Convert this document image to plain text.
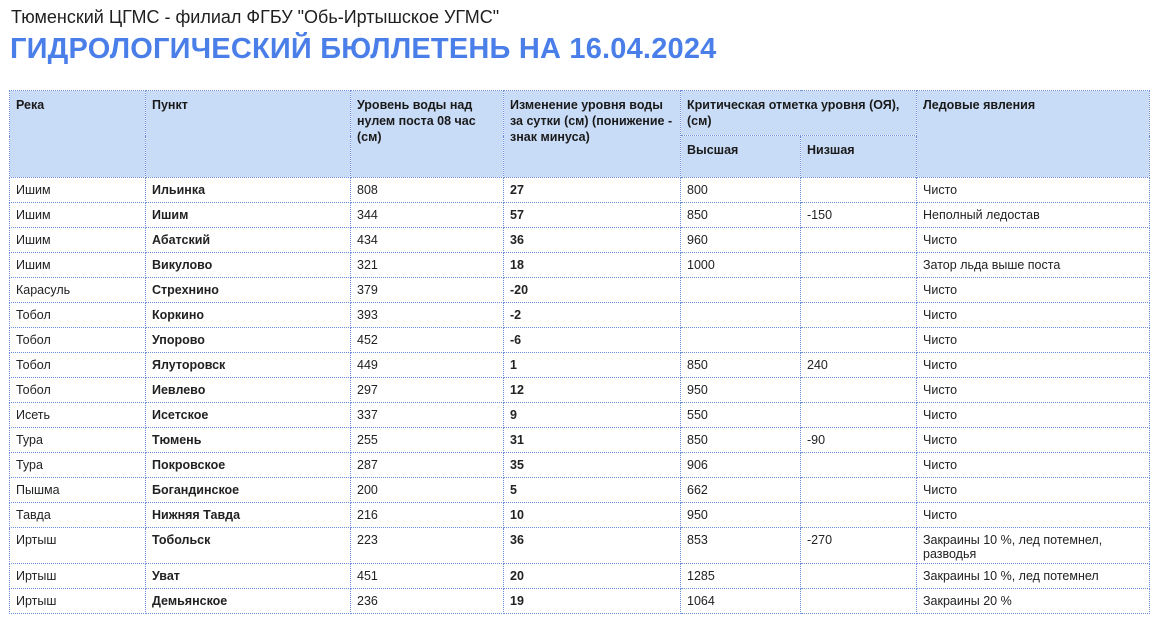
Тюменский ЦГМС - филиал ФГБУ "Обь-Иртышское УГМС"
ГИДРОЛОГИЧЕСКИЙ БЮЛЛЕТЕНЬ НА 16.04.2024
Река	Пункт	Уровень воды над нулем поста 08 час (см)	Изменение уровня воды за сутки (см) (понижение - знак минуса)	Критическая отметка уровня (ОЯ), (см)		Ледовые явления
				Высшая	Низшая	
Ишим	Ильинка	808	27	800		Чисто
Ишим	Ишим	344	57	850	-150	Неполный ледостав
Ишим	Абатский	434	36	960		Чисто
Ишим	Викулово	321	18	1000		Затор льда выше поста
Карасуль	Стрехнино	379	-20			Чисто
Тобол	Коркино	393	-2			Чисто
Тобол	Упорово	452	-6			Чисто
Тобол	Ялуторовск	449	1	850	240	Чисто
Тобол	Иевлево	297	12	950		Чисто
Исеть	Исетское	337	9	550		Чисто
Тура	Тюмень	255	31	850	-90	Чисто
Тура	Покровское	287	35	906		Чисто
Пышма	Богандинское	200	5	662		Чисто
Тавда	Нижняя Тавда	216	10	950		Чисто
Иртыш	Тобольск	223	36	853	-270	Закраины 10 %, лед потемнел, разводья
Иртыш	Уват	451	20	1285		Закраины 10 %, лед потемнел
Иртыш	Демьянское	236	19	1064		Закраины 20 %
